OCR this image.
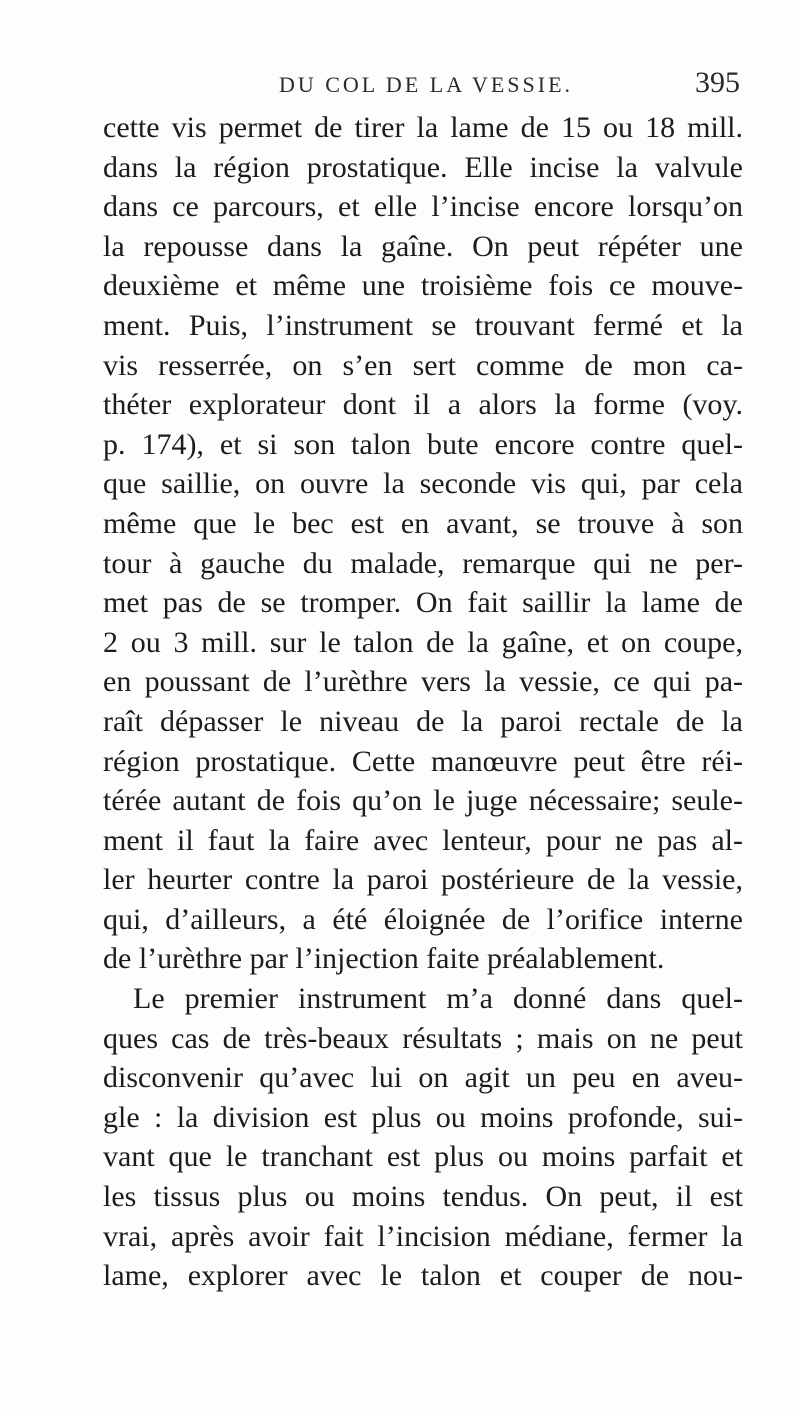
DU COL DE LA VESSIE.	395
cette vis permet de tirer la lame de 15 ou 18 mill.
dans la région prostatique. Elle incise la valvule
dans ce parcours, et elle l’incise encore lorsqu’on
la repousse dans la gaîne. On peut répéter une
deuxième et même une troisième fois ce mouve-
ment. Puis, l’instrument se trouvant fermé et la
vis resserrée, on s’en sert comme de mon ca-
théter explorateur dont il a alors la forme (voy.
p. 174), et si son talon bute encore contre quel-
que saillie, on ouvre la seconde vis qui, par cela
même que le bec est en avant, se trouve à son
tour à gauche du malade, remarque qui ne per-
met pas de se tromper. On fait saillir la lame de
2 ou 3 mill. sur le talon de la gaîne, et on coupe,
en poussant de l’urèthre vers la vessie, ce qui pa-
raît dépasser le niveau de la paroi rectale de la
région prostatique. Cette manœuvre peut être réi-
térée autant de fois qu’on le juge nécessaire; seule-
ment il faut la faire avec lenteur, pour ne pas al-
ler heurter contre la paroi postérieure de la vessie,
qui, d’ailleurs, a été éloignée de l’orifice interne
de l’urèthre par l’injection faite préalablement.
Le premier instrument m’a donné dans quel-
ques cas de très-beaux résultats ; mais on ne peut
disconvenir qu’avec lui on agit un peu en aveu-
gle : la division est plus ou moins profonde, sui-
vant que le tranchant est plus ou moins parfait et
les tissus plus ou moins tendus. On peut, il est
vrai, après avoir fait l’incision médiane, fermer la
lame, explorer avec le talon et couper de nou-
